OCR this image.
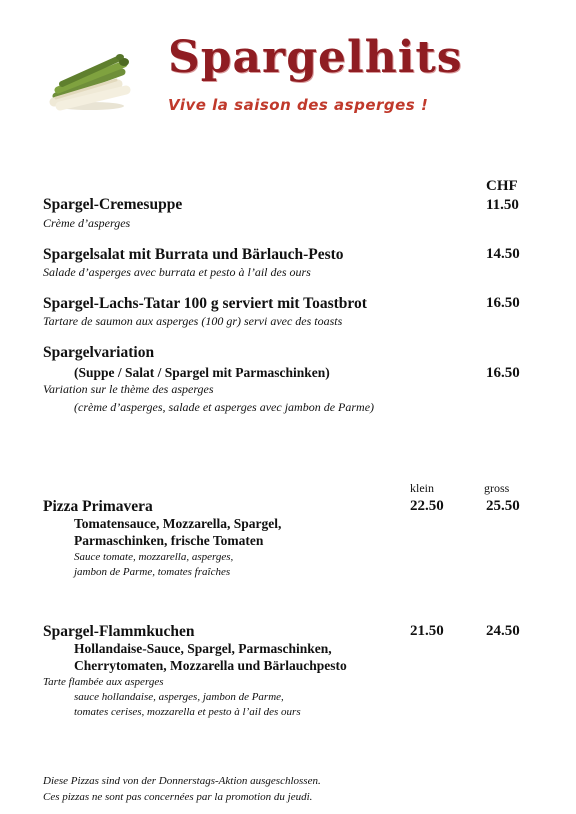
Spargelhits
Vive la saison des asperges !
CHF
Spargel-Cremesuppe	11.50
Crème d’asperges
Spargelsalat mit Burrata und Bärlauch-Pesto	14.50
Salade d’asperges avec burrata et pesto à l’ail des ours
Spargel-Lachs-Tatar 100 g serviert mit Toastbrot	16.50
Tartare de saumon aux asperges (100 gr) servi avec des toasts
Spargelvariation
(Suppe / Salat / Spargel mit Parmaschinken)	16.50
Variation sur le thème des asperges
(crème d’asperges, salade et asperges avec jambon de Parme)
klein	gross
Pizza Primavera	22.50	25.50
Tomatensauce, Mozzarella, Spargel,
Parmaschinken, frische Tomaten
Sauce tomate, mozzarella, asperges,
jambon de Parme, tomates fraîches
Spargel-Flammkuchen	21.50	24.50
Hollandaise-Sauce, Spargel, Parmaschinken,
Cherrytomaten, Mozzarella und Bärlauchpesto
Tarte flambée aux asperges
sauce hollandaise, asperges, jambon de Parme,
tomates cerises, mozzarella et pesto à l’ail des ours
Diese Pizzas sind von der Donnerstags-Aktion ausgeschlossen.
Ces pizzas ne sont pas concernées par la promotion du jeudi.
